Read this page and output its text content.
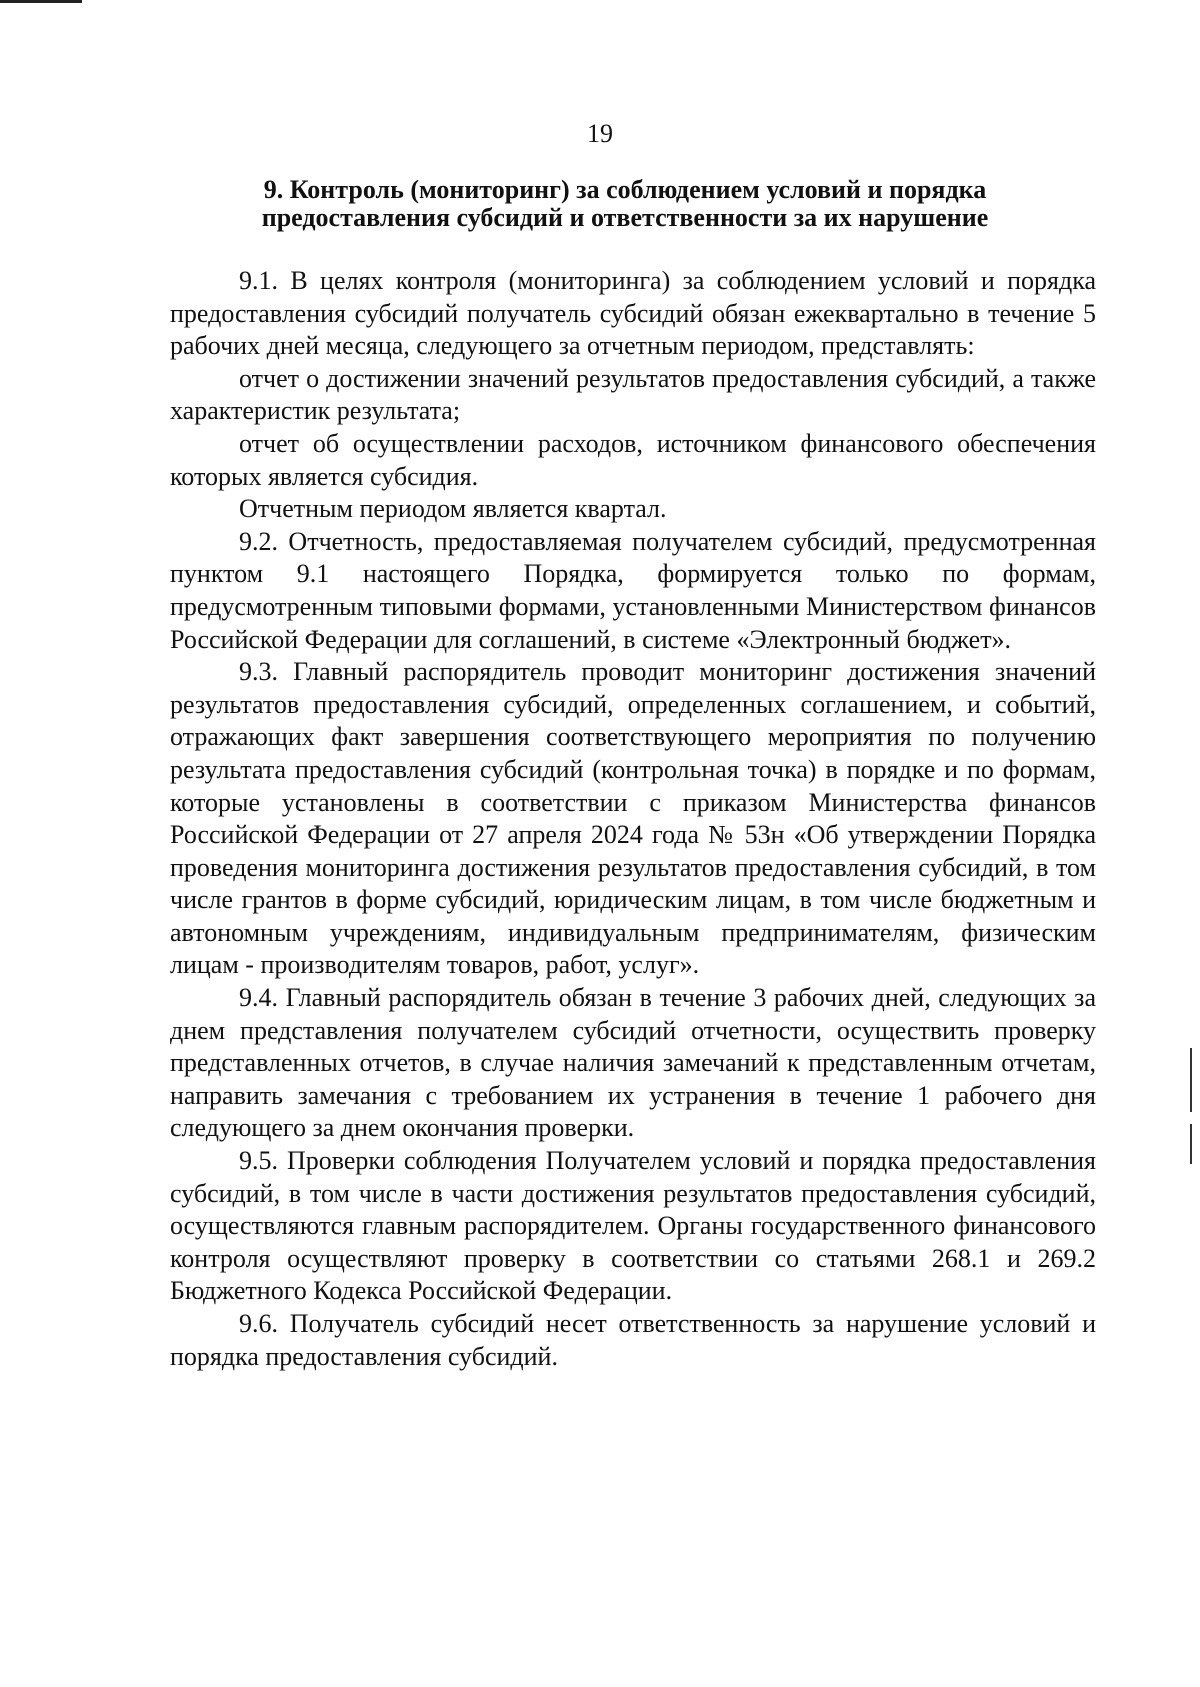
19
9. Контроль (мониторинг) за соблюдением условий и порядка
предоставления субсидий и ответственности за их нарушение

9.1. В целях контроля (мониторинга) за соблюдением условий и порядка предоставления субсидий получатель субсидий обязан ежеквартально в течение 5 рабочих дней месяца, следующего за отчетным периодом, представлять:

отчет о достижении значений результатов предоставления субсидий, а также характеристик результата;

отчет об осуществлении расходов, источником финансового обеспечения которых является субсидия.

Отчетным периодом является квартал.

9.2. Отчетность, предоставляемая получателем субсидий, предусмотренная пунктом 9.1 настоящего Порядка, формируется только по формам, предусмотренным типовыми формами, установленными Министерством финансов Российской Федерации для соглашений, в системе «Электронный бюджет».

9.3. Главный распорядитель проводит мониторинг достижения значений результатов предоставления субсидий, определенных соглашением, и событий, отражающих факт завершения соответствующего мероприятия по получению результата предоставления субсидий (контрольная точка) в порядке и по формам, которые установлены в соответствии с приказом Министерства финансов Российской Федерации от 27 апреля 2024 года № 53н «Об утверждении Порядка проведения мониторинга достижения результатов предоставления субсидий, в том числе грантов в форме субсидий, юридическим лицам, в том числе бюджетным и автономным учреждениям, индивидуальным предпринимателям, физическим лицам - производителям товаров, работ, услуг».

9.4. Главный распорядитель обязан в течение 3 рабочих дней, следующих за днем представления получателем субсидий отчетности, осуществить проверку представленных отчетов, в случае наличия замечаний к представленным отчетам, направить замечания с требованием их устранения в течение 1 рабочего дня следующего за днем окончания проверки.

9.5. Проверки соблюдения Получателем условий и порядка предоставления субсидий, в том числе в части достижения результатов предоставления субсидий, осуществляются главным распорядителем. Органы государственного финансового контроля осуществляют проверку в соответствии со статьями 268.1 и 269.2 Бюджетного Кодекса Российской Федерации.

9.6. Получатель субсидий несет ответственность за нарушение условий и порядка предоставления субсидий.
